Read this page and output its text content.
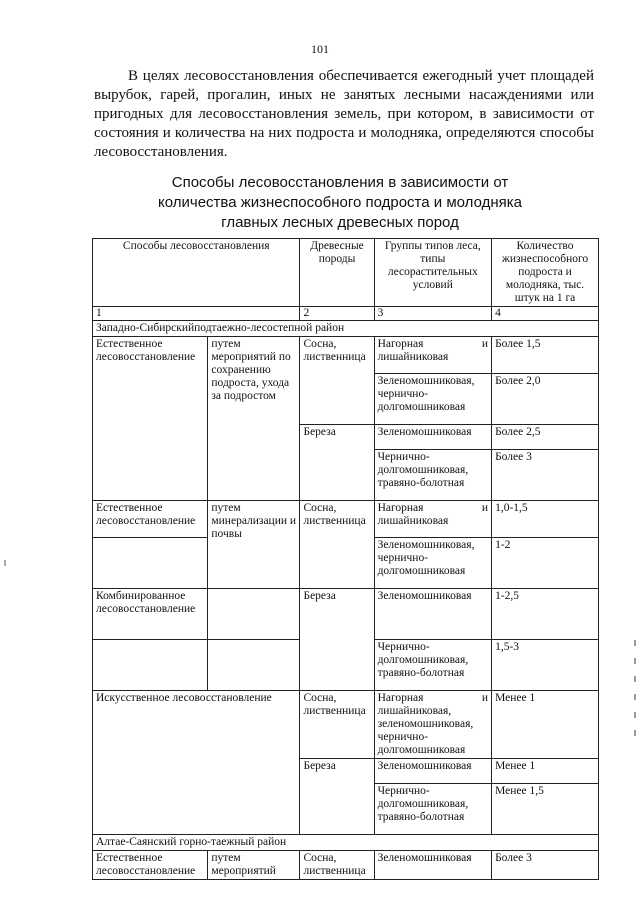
101
В целях лесовосстановления обеспечивается ежегодный учет площадей вырубок, гарей, прогалин, иных не занятых лесными насаждениями или пригодных для лесовосстановления земель, при котором, в зависимости от состояния и количества на них подроста и молодняка, определяются способы лесовосстановления.
Способы лесовосстановления в зависимости от
количества жизнеспособного подроста и молодняка
главных лесных древесных пород
Способы лесовосстановления		Древесные породы	Группы типов леса, типы лесорастительных условий	Количество жизнеспособного подроста и молодняка, тыс. штук на 1 га
1		2	3	4
Западно-Сибирскийподтаежно-лесостепной район				
Естественное лесовосстановление	путем мероприятий по сохранению подроста, ухода за подростом	Сосна, лиственница	Нагорная и лишайниковая	Более 1,5
			Зеленомошниковая, чернично-долгомошниковая	Более 2,0
		Береза	Зеленомошниковая	Более 2,5
			Чернично-долгомошниковая, травяно-болотная	Более 3
Естественное лесовосстановление	путем минерализации и почвы	Сосна, лиственница	Нагорная и лишайниковая	1,0-1,5
			Зеленомошниковая, чернично-долгомошниковая	1-2
Комбинированное лесовосстановление		Береза	Зеленомошниковая	1-2,5
			Чернично-долгомошниковая, травяно-болотная	1,5-3
Искусственное лесовосстановление		Сосна, лиственница	Нагорная и лишайниковая, зеленомошниковая, чернично-долгомошниковая	Менее 1
		Береза	Зеленомошниковая	Менее 1
			Чернично-долгомошниковая, травяно-болотная	Менее 1,5
Алтае-Саянский горно-таежный район				
Естественное лесовосстановление	путем мероприятий	Сосна, лиственница	Зеленомошниковая	Более 3
